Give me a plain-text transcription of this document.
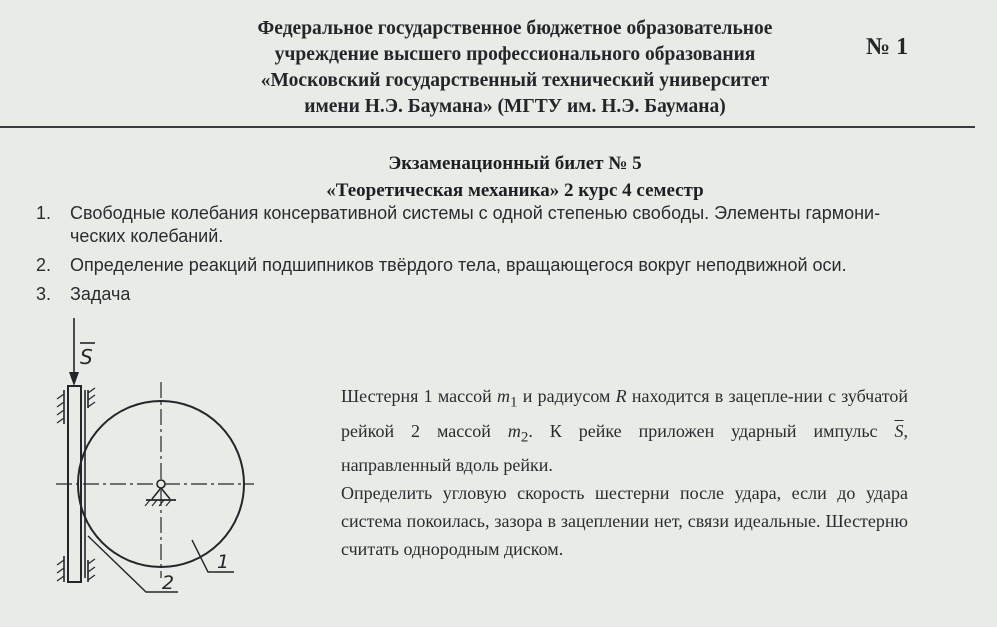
Федеральное государственное бюджетное образовательное
учреждение высшего профессионального образования
«Московский государственный технический университет
имени Н.Э. Баумана» (МГТУ им. Н.Э. Баумана)
№ 1
Экзаменационный билет № 5
«Теоретическая механика» 2 курс 4 семестр
1. Свободные колебания консервативной системы с одной степенью свободы. Элементы гармони-
ческих колебаний.
2. Определение реакций подшипников твёрдого тела, вращающегося вокруг неподвижной оси.
3. Задача
S
1
2

Шестерня 1 массой $m_1$ и радиусом R находится в зацепле-нии с зубчатой рейкой 2 массой $m_2$. К рейке приложен ударный импульс $\overline{S}$, направленный вдоль рейки.

Определить угловую скорость шестерни после удара, если до удара система покоилась, зазора в зацеплении нет, связи идеальные. Шестерню считать однородным диском.
